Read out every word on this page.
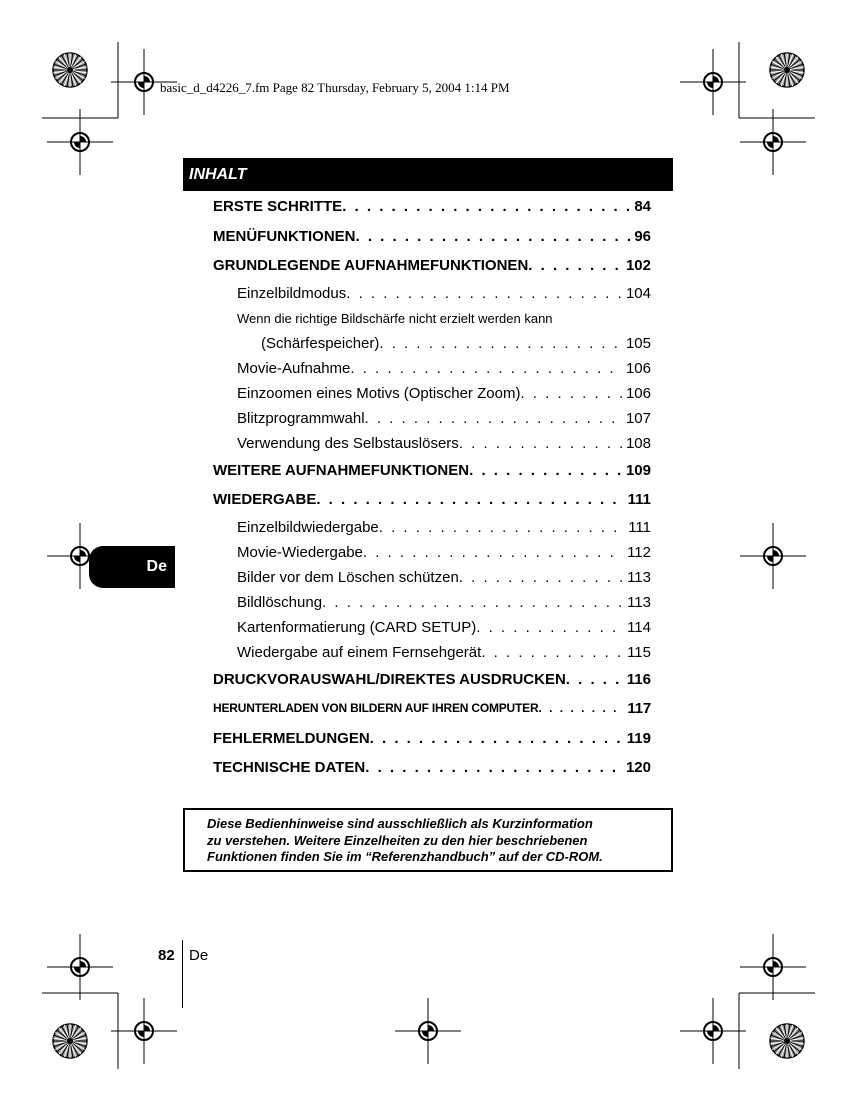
basic_d_d4226_7.fm Page 82 Thursday, February 5, 2004 1:14 PM
INHALT
ERSTE SCHRITTE . . .	84
MENÜFUNKTIONEN . . .	96
GRUNDLEGENDE AUFNAHMEFUNKTIONEN . . .	102
Einzelbildmodus . . .	104
Wenn die richtige Bildschärfe nicht erzielt werden kann
(Schärfespeicher) . . .	105
Movie-Aufnahme . . .	106
Einzoomen eines Motivs (Optischer Zoom) . . .	106
Blitzprogrammwahl . . .	107
Verwendung des Selbstauslösers . . .	108
WEITERE AUFNAHMEFUNKTIONEN . . .	109
WIEDERGABE . . .	111
Einzelbildwiedergabe . . .	111
Movie-Wiedergabe . . .	112
Bilder vor dem Löschen schützen . . .	113
Bildlöschung . . .	113
Kartenformatierung (CARD SETUP) . . .	114
Wiedergabe auf einem Fernsehgerät . . .	115
DRUCKVORAUSWAHL/DIREKTES AUSDRUCKEN . . .	116
HERUNTERLADEN VON BILDERN AUF IHREN COMPUTER . . .	117
FEHLERMELDUNGEN . . .	119
TECHNISCHE DATEN . . .	120
Diese Bedienhinweise sind ausschließlich als Kurzinformation
zu verstehen. Weitere Einzelheiten zu den hier beschriebenen
Funktionen finden Sie im “Referenzhandbuch” auf der CD-ROM.
De
82 De
